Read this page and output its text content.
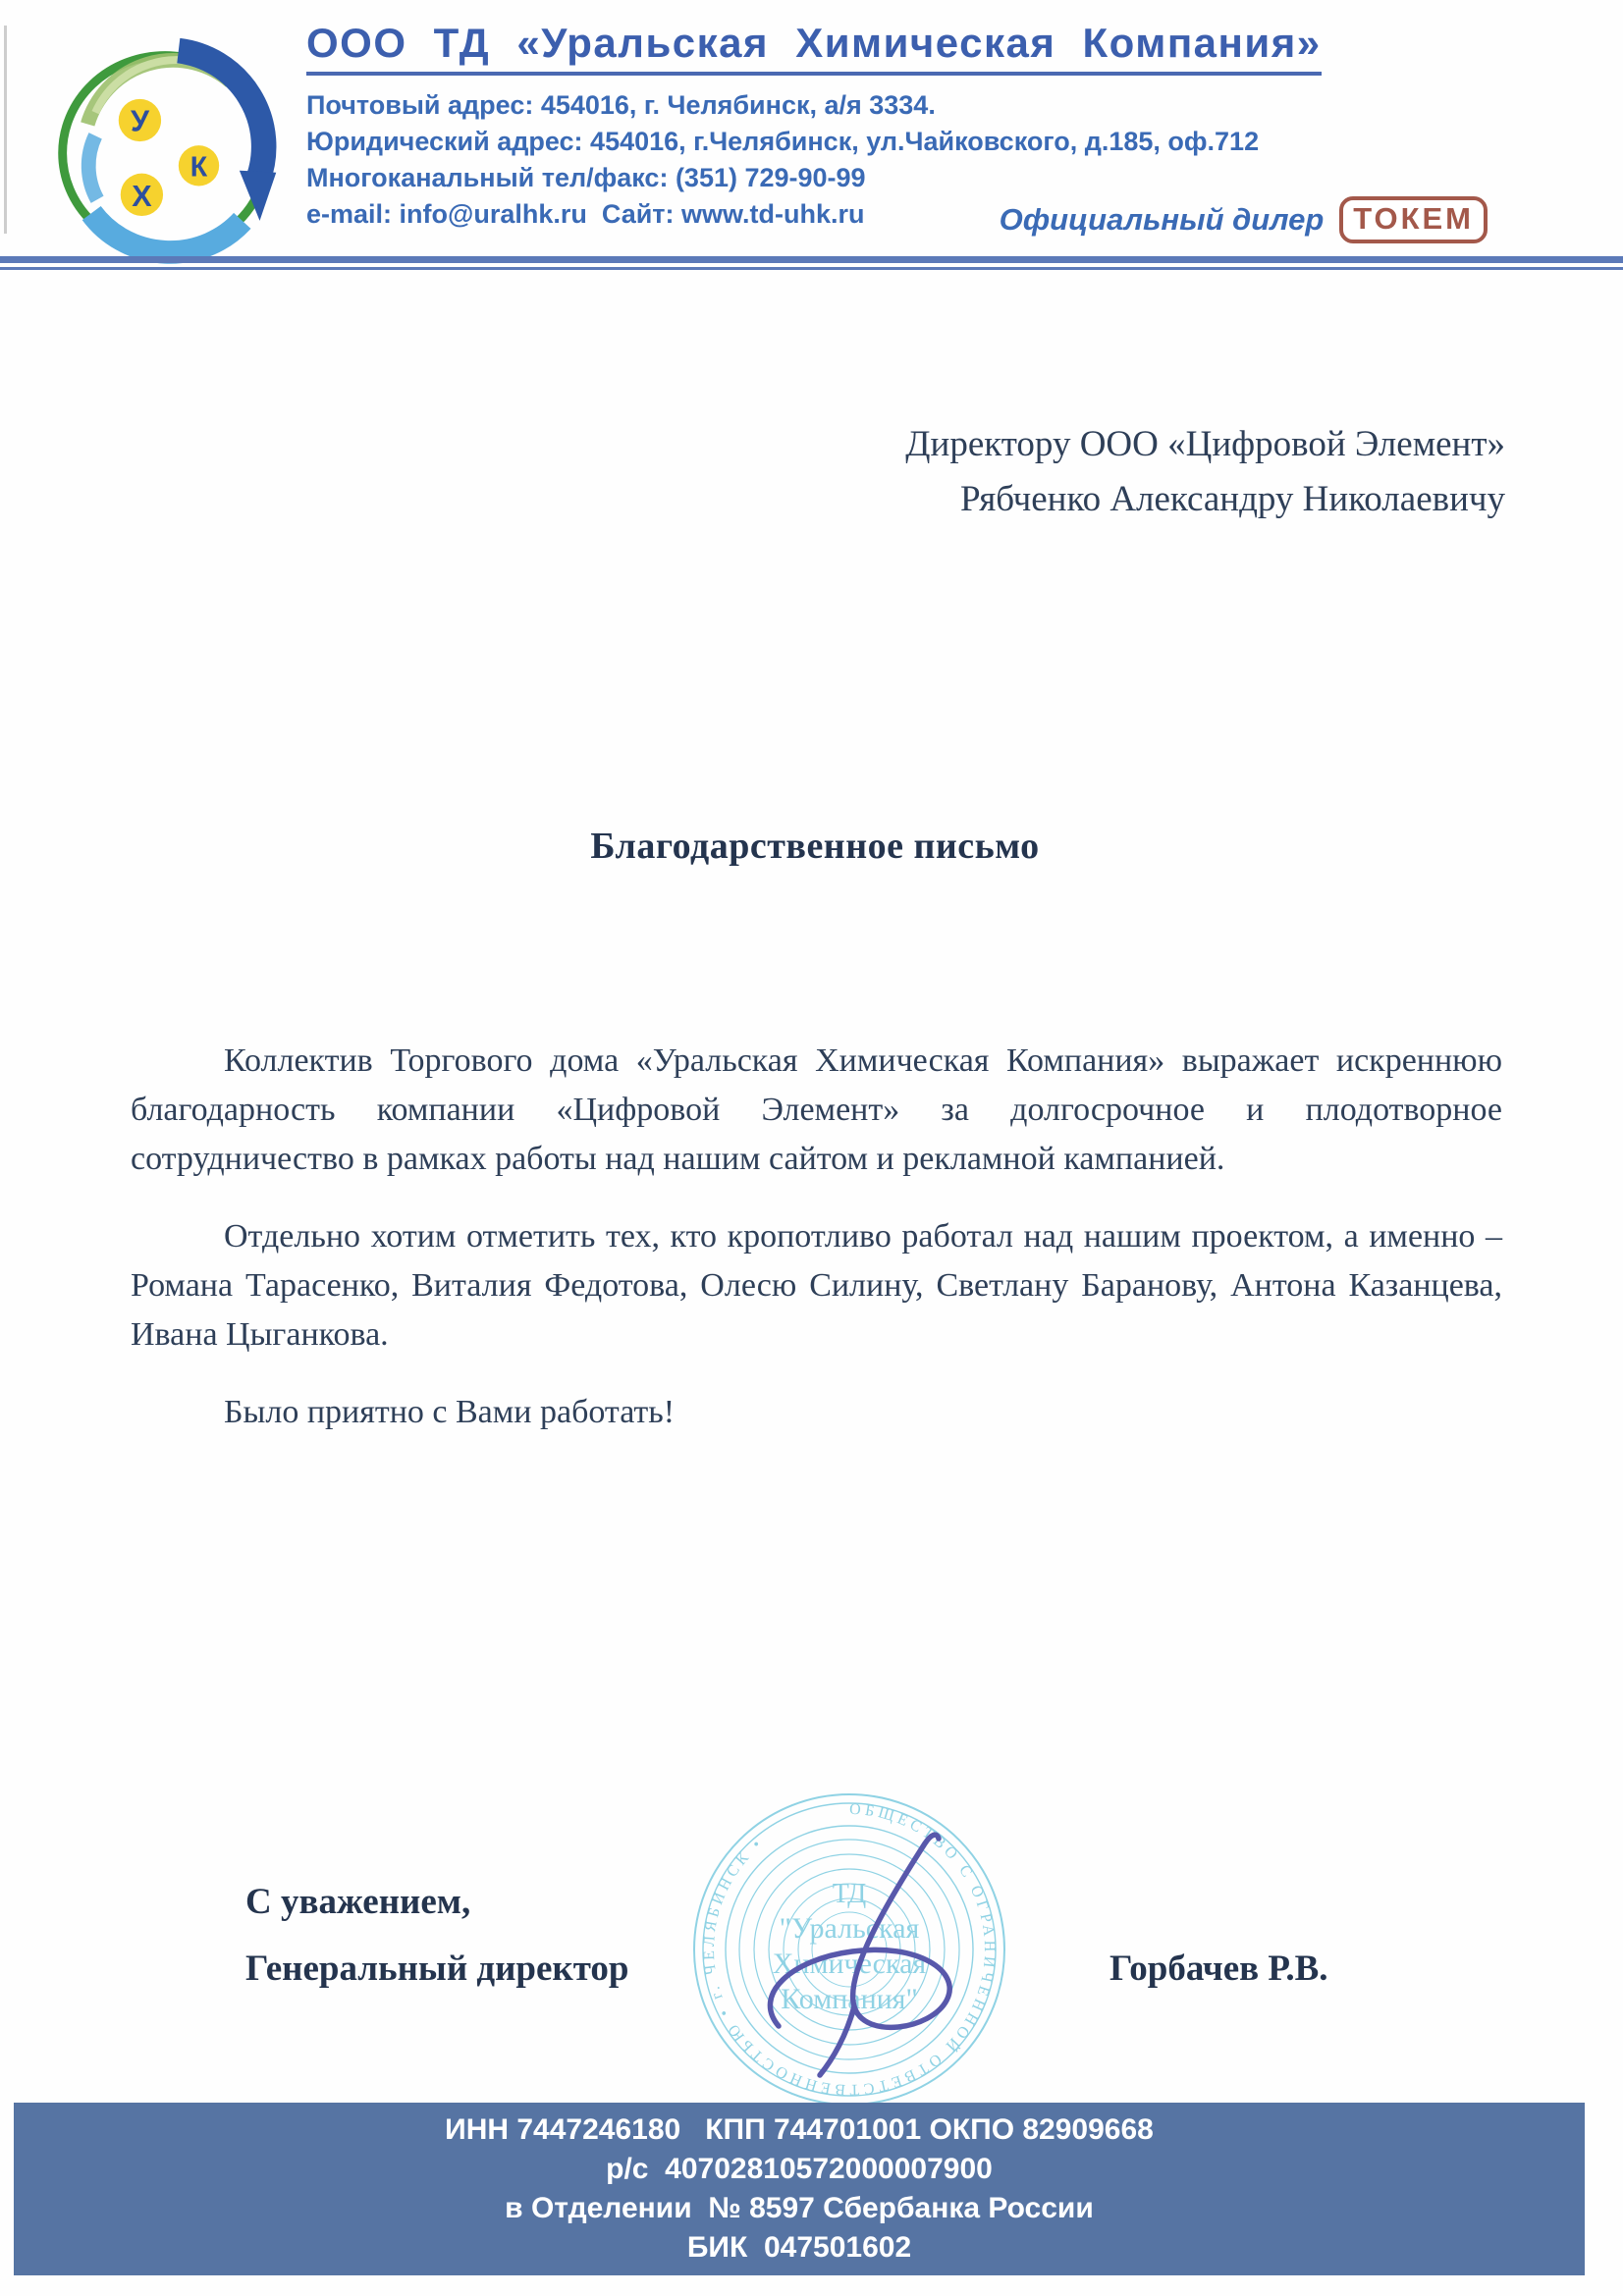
У
Х
К
ООО ТД «Уральская Химическая Компания»
Почтовый адрес: 454016, г. Челябинск, а/я 3334.
Юридический адрес: 454016, г.Челябинск, ул.Чайковского, д.185, оф.712
Многоканальный тел/факс: (351) 729-90-99
e-mail: info@uralhk.ru  Сайт: www.td-uhk.ru	Официальный дилер ТОКЕМ
Директору ООО «Цифровой Элемент»
Рябченко Александру Николаевичу
Благодарственное письмо

Коллектив Торгового дома «Уральская Химическая Компания» выражает искреннюю благодарность компании «Цифровой Элемент» за долгосрочное и плодотворное сотрудничество в рамках работы над нашим сайтом и рекламной кампанией.

Отдельно хотим отметить тех, кто кропотливо работал над нашим проектом, а именно – Романа Тарасенко, Виталия Федотова, Олесю Силину, Светлану Баранову, Антона Казанцева, Ивана Цыганкова.

Было приятно с Вами работать!

С уважением,
Генеральный директор	Горбачев Р.В.
ОБЩЕСТВО С ОГРАНИЧЕННОЙ ОТВЕТСТВЕННОСТЬЮ • г. ЧЕЛЯБИНСК •
ТД
"Уральская
Химическая
Компания"
ИНН 7447246180   КПП 744701001 ОКПО 82909668
р/с  40702810572000007900
в Отделении  № 8597 Сбербанка России
БИК  047501602
